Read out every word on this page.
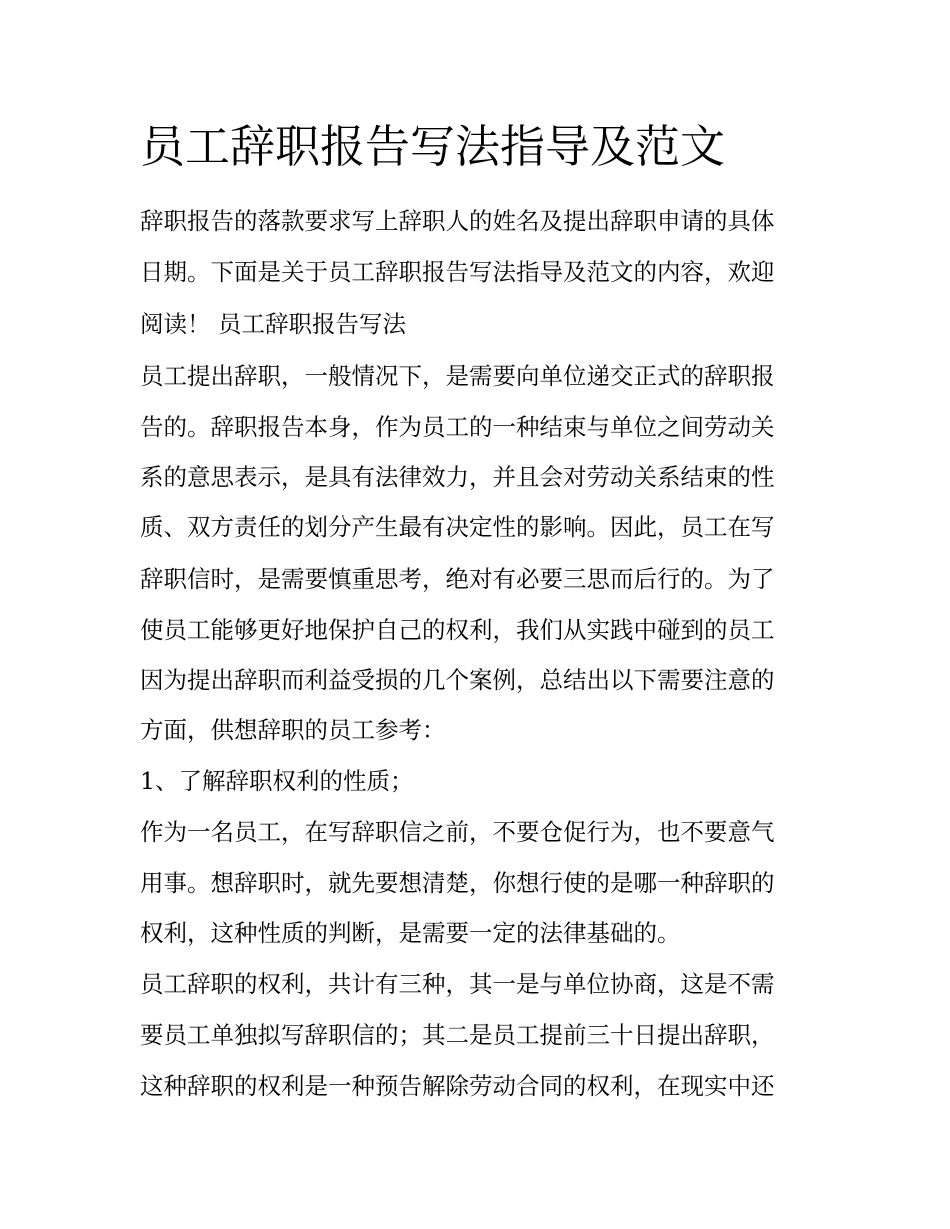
员工辞职报告写法指导及范文

辞职报告的落款要求写上辞职人的姓名及提出辞职申请的具体

日期。下面是关于员工辞职报告写法指导及范文的内容，欢迎

阅读！ 员工辞职报告写法

员工提出辞职，一般情况下，是需要向单位递交正式的辞职报

告的。辞职报告本身，作为员工的一种结束与单位之间劳动关

系的意思表示，是具有法律效力，并且会对劳动关系结束的性

质、双方责任的划分产生最有决定性的影响。因此，员工在写

辞职信时，是需要慎重思考，绝对有必要三思而后行的。为了

使员工能够更好地保护自己的权利，我们从实践中碰到的员工

因为提出辞职而利益受损的几个案例，总结出以下需要注意的

方面，供想辞职的员工参考：

1、了解辞职权利的性质；

作为一名员工，在写辞职信之前，不要仓促行为，也不要意气

用事。想辞职时，就先要想清楚，你想行使的是哪一种辞职的

权利，这种性质的判断，是需要一定的法律基础的。

员工辞职的权利，共计有三种，其一是与单位协商，这是不需

要员工单独拟写辞职信的；其二是员工提前三十日提出辞职，

这种辞职的权利是一种预告解除劳动合同的权利，在现实中还
